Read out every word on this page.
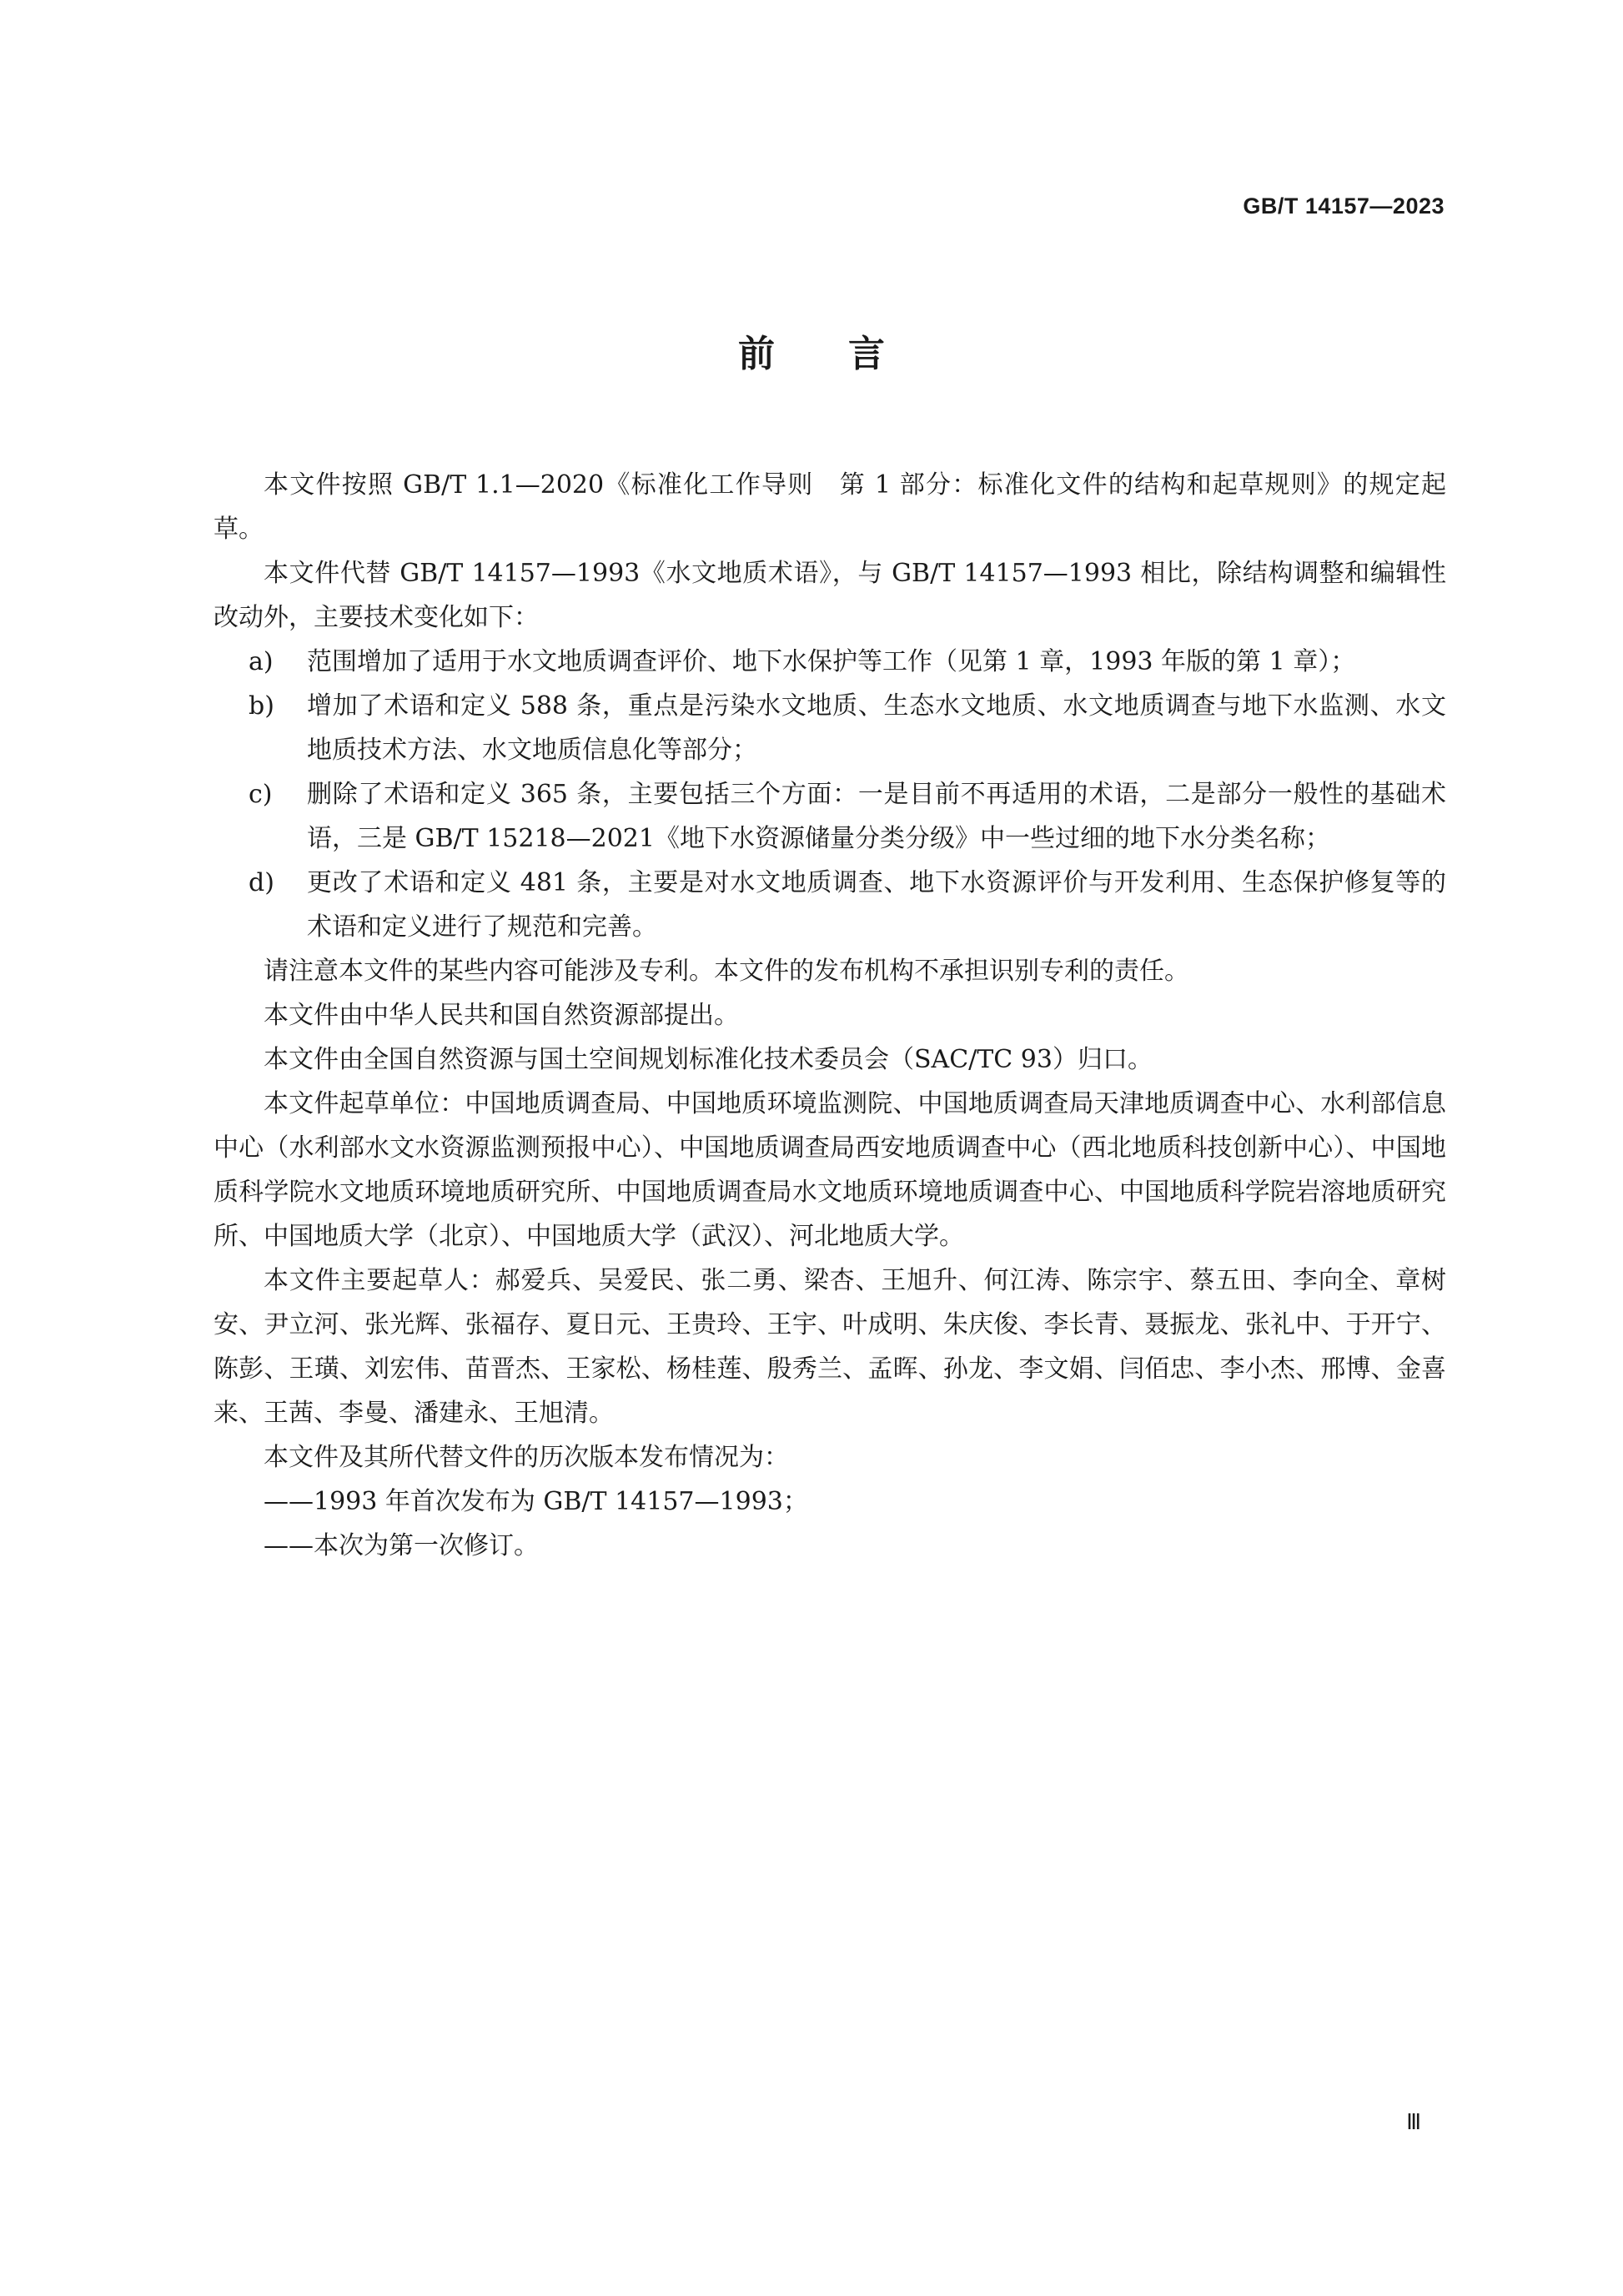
GB/T 14157—2023
前言

本文件按照 GB/T 1.1—2020《标准化工作导则　第 1 部分：标准化文件的结构和起草规则》的规定起草。

本文件代替 GB/T 14157—1993《水文地质术语》，与 GB/T 14157—1993 相比，除结构调整和编辑性改动外，主要技术变化如下：

a) 范围增加了适用于水文地质调查评价、地下水保护等工作（见第 1 章，1993 年版的第 1 章）；
b) 增加了术语和定义 588 条，重点是污染水文地质、生态水文地质、水文地质调查与地下水监测、水文地质技术方法、水文地质信息化等部分；
c) 删除了术语和定义 365 条，主要包括三个方面：一是目前不再适用的术语，二是部分一般性的基础术语，三是 GB/T 15218—2021《地下水资源储量分类分级》中一些过细的地下水分类名称；
d) 更改了术语和定义 481 条，主要是对水文地质调查、地下水资源评价与开发利用、生态保护修复等的术语和定义进行了规范和完善。

请注意本文件的某些内容可能涉及专利。本文件的发布机构不承担识别专利的责任。

本文件由中华人民共和国自然资源部提出。

本文件由全国自然资源与国土空间规划标准化技术委员会（SAC/TC 93）归口。

本文件起草单位：中国地质调查局、中国地质环境监测院、中国地质调查局天津地质调查中心、水利部信息中心（水利部水文水资源监测预报中心）、中国地质调查局西安地质调查中心（西北地质科技创新中心）、中国地质科学院水文地质环境地质研究所、中国地质调查局水文地质环境地质调查中心、中国地质科学院岩溶地质研究所、中国地质大学（北京）、中国地质大学（武汉）、河北地质大学。

本文件主要起草人：郝爱兵、吴爱民、张二勇、梁杏、王旭升、何江涛、陈宗宇、蔡五田、李向全、章树安、尹立河、张光辉、张福存、夏日元、王贵玲、王宇、叶成明、朱庆俊、李长青、聂振龙、张礼中、于开宁、陈彭、王璜、刘宏伟、苗晋杰、王家松、杨桂莲、殷秀兰、孟晖、孙龙、李文娟、闫佰忠、李小杰、邢博、金喜来、王茜、李曼、潘建永、王旭清。

本文件及其所代替文件的历次版本发布情况为：

——1993 年首次发布为 GB/T 14157—1993；

——本次为第一次修订。

Ⅲ
